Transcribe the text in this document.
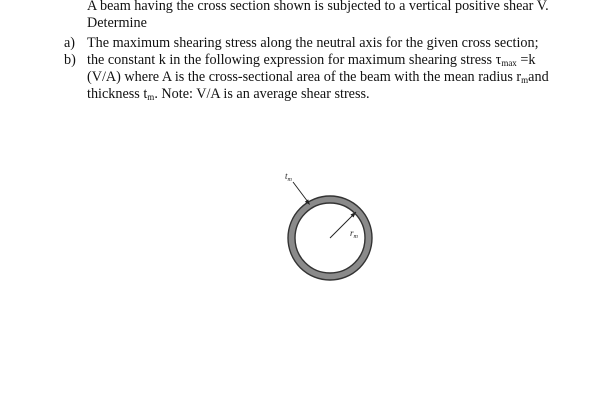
A beam having the cross section shown is subjected to a vertical positive shear V.
Determine
a) The maximum shearing stress along the neutral axis for the given cross section;
b) the constant k in the following expression for maximum shearing stress $\tau_{max} =k$
(V/A) where A is the cross-sectional area of the beam with the mean radius $r_mand$
thickness $t_m$. Note: V/A is an average shear stress.
$t_m$
$r_m$
